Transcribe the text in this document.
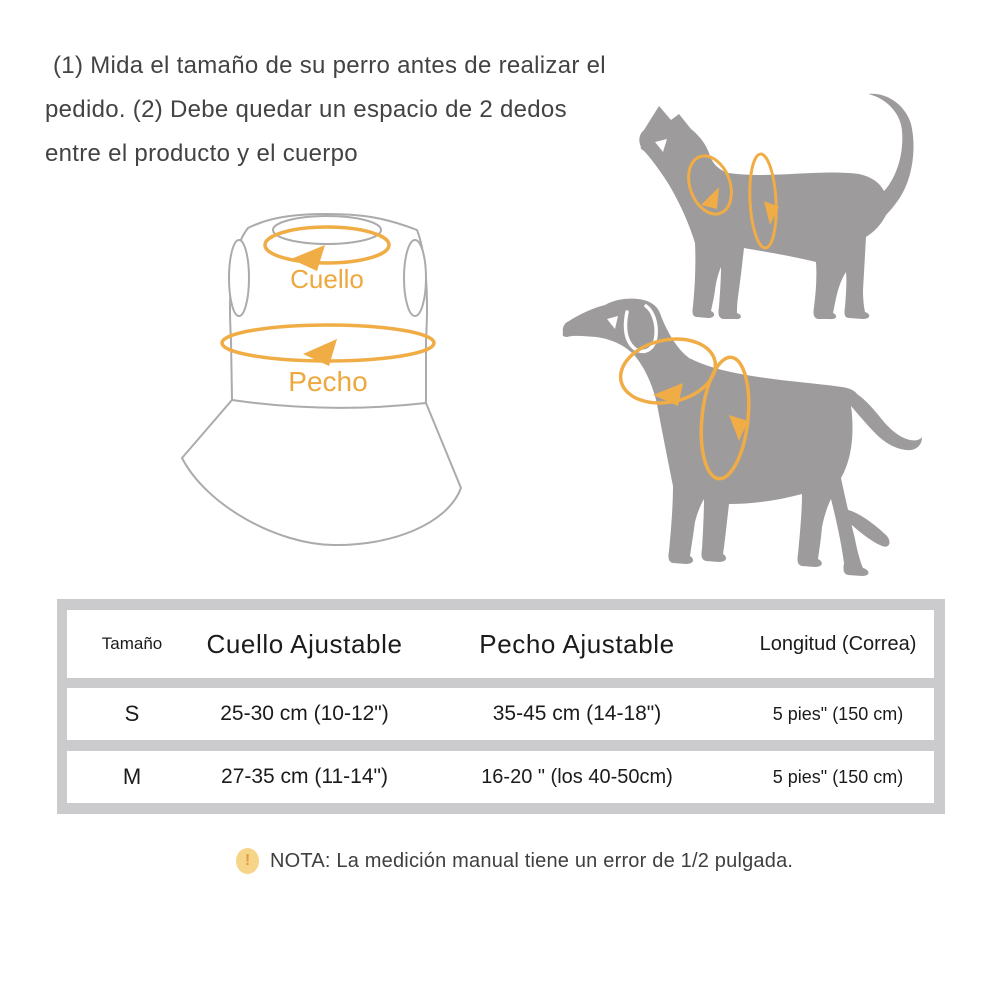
(1) Mida el tamaño de su perro antes de realizar el
pedido. (2) Debe quedar un espacio de 2 dedos
entre el producto y el cuerpo
Cuello
Pecho
Tamaño	Cuello Ajustable	Pecho Ajustable	Longitud (Correa)
S	25-30 cm (10-12")	35-45 cm (14-18")	5 pies" (150 cm)
M	27-35 cm (11-14")	16-20 " (los 40-50cm)	5 pies" (150 cm)
! NOTA: La medición manual tiene un error de 1/2 pulgada.
